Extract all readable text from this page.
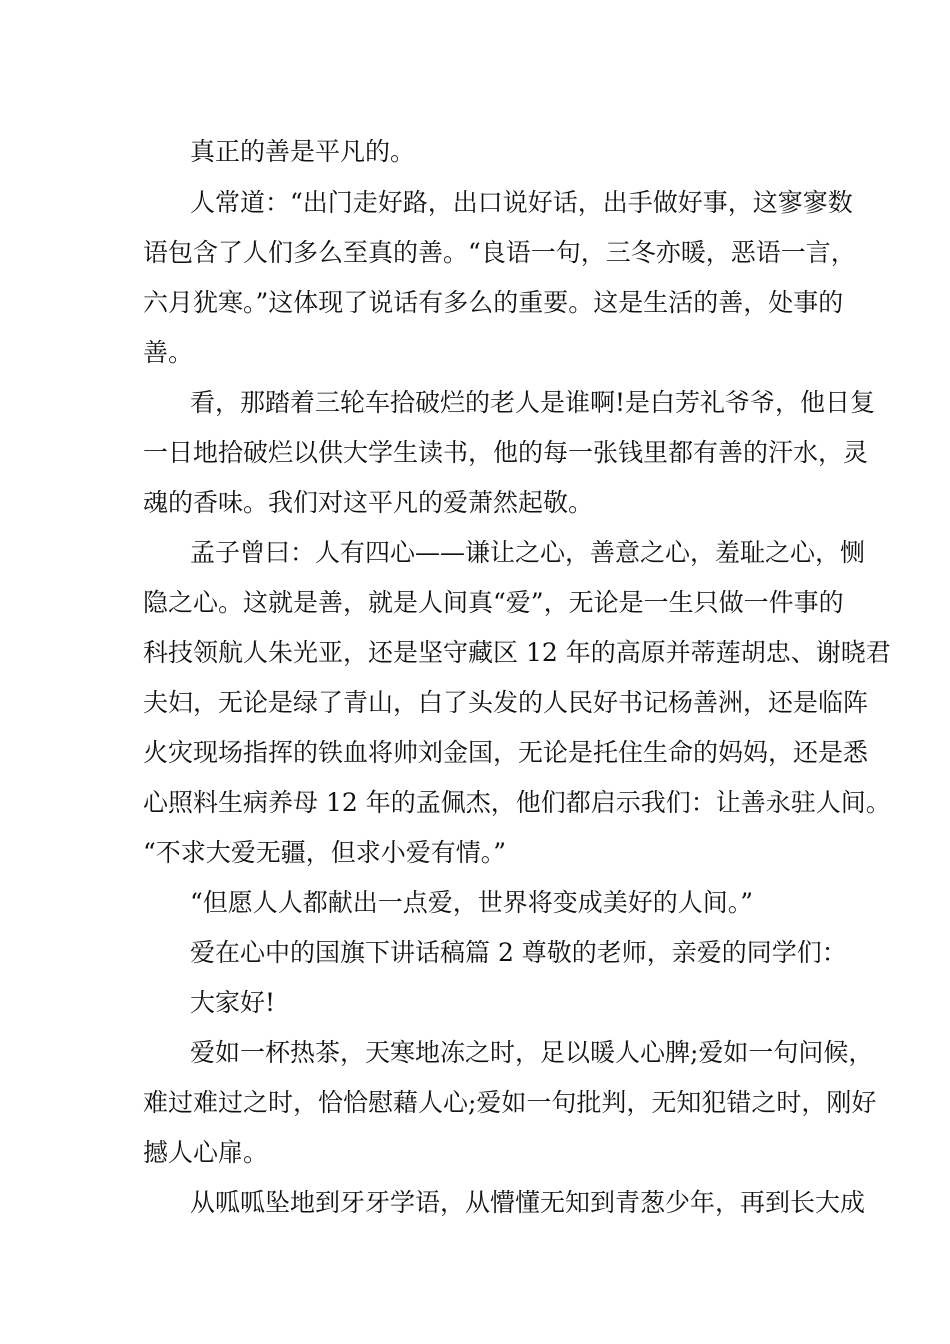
真正的善是平凡的。
人常道：“出门走好路，出口说好话，出手做好事，这寥寥数
语包含了人们多么至真的善。“良语一句，三冬亦暖，恶语一言，
六月犹寒。”这体现了说话有多么的重要。这是生活的善，处事的
善。
看，那踏着三轮车拾破烂的老人是谁啊!是白芳礼爷爷，他日复
一日地拾破烂以供大学生读书，他的每一张钱里都有善的汗水，灵
魂的香味。我们对这平凡的爱萧然起敬。
孟子曾曰：人有四心——谦让之心，善意之心，羞耻之心，恻
隐之心。这就是善，就是人间真“爱”，无论是一生只做一件事的
科技领航人朱光亚，还是坚守藏区 12 年的高原并蒂莲胡忠、谢晓君
夫妇，无论是绿了青山，白了头发的人民好书记杨善洲，还是临阵
火灾现场指挥的铁血将帅刘金国，无论是托住生命的妈妈，还是悉
心照料生病养母 12 年的孟佩杰，他们都启示我们：让善永驻人间。
“不求大爱无疆，但求小爱有情。”
“但愿人人都献出一点爱，世界将变成美好的人间。”
爱在心中的国旗下讲话稿篇 2 尊敬的老师，亲爱的同学们：
大家好!
爱如一杯热茶，天寒地冻之时，足以暖人心脾;爱如一句问候，
难过难过之时，恰恰慰藉人心;爱如一句批判，无知犯错之时，刚好
撼人心扉。
从呱呱坠地到牙牙学语，从懵懂无知到青葱少年，再到长大成
